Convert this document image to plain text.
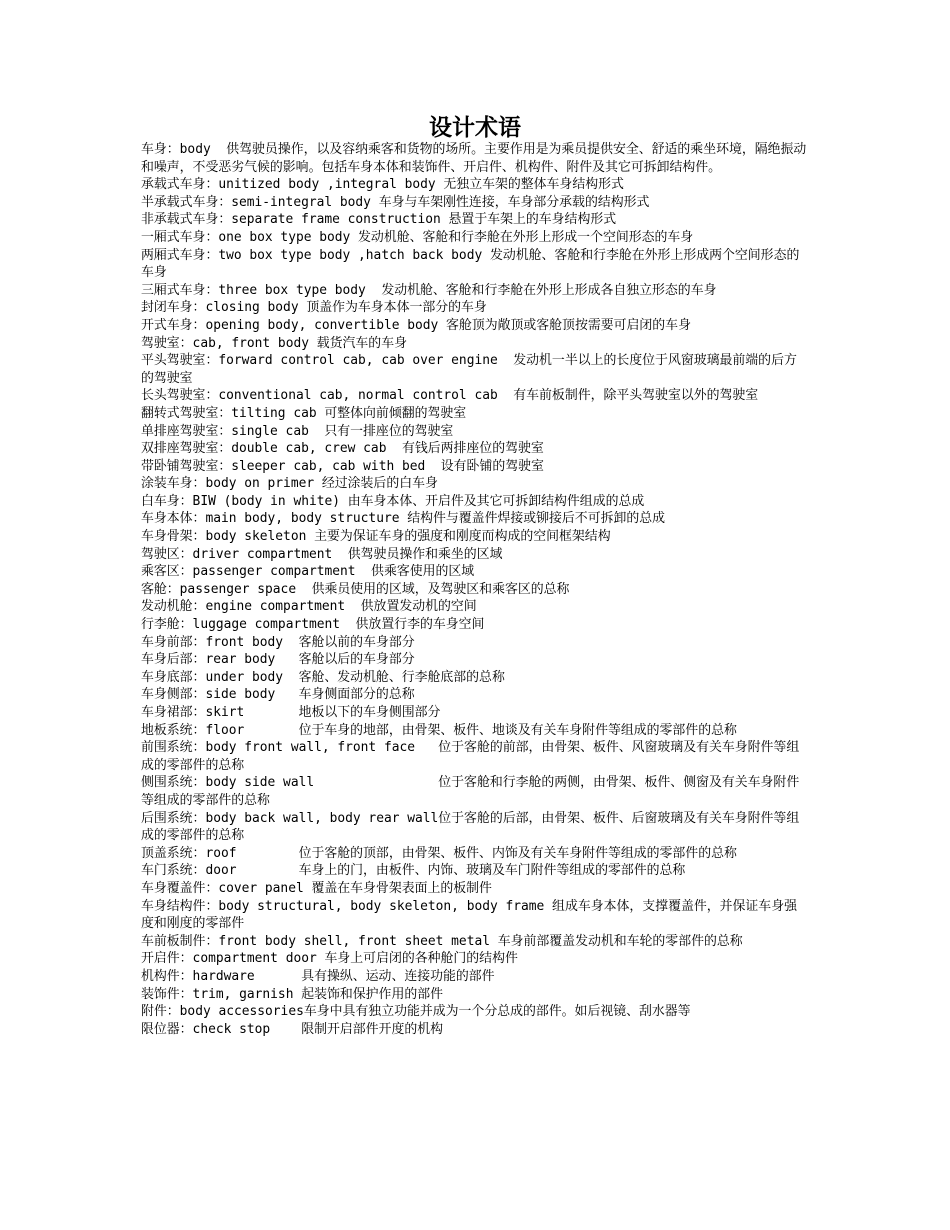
设计术语
车身：body  供驾驶员操作，以及容纳乘客和货物的场所。主要作用是为乘员提供安全、舒适的乘坐环境，隔绝振动和噪声，不受恶劣气候的影响。包括车身本体和装饰件、开启件、机构件、附件及其它可拆卸结构件。
承载式车身：unitized body ,integral body 无独立车架的整体车身结构形式
半承载式车身：semi-integral body 车身与车架刚性连接，车身部分承载的结构形式
非承载式车身：separate frame construction 悬置于车架上的车身结构形式
一厢式车身：one box type body 发动机舱、客舱和行李舱在外形上形成一个空间形态的车身
两厢式车身：two box type body ,hatch back body 发动机舱、客舱和行李舱在外形上形成两个空间形态的车身
三厢式车身：three box type body  发动机舱、客舱和行李舱在外形上形成各自独立形态的车身
封闭车身：closing body 顶盖作为车身本体一部分的车身
开式车身：opening body, convertible body 客舱顶为敞顶或客舱顶按需要可启闭的车身
驾驶室：cab, front body 载货汽车的车身
平头驾驶室：forward control cab, cab over engine  发动机一半以上的长度位于风窗玻璃最前端的后方的驾驶室
长头驾驶室：conventional cab, normal control cab  有车前板制件，除平头驾驶室以外的驾驶室
翻转式驾驶室：tilting cab 可整体向前倾翻的驾驶室
单排座驾驶室：single cab  只有一排座位的驾驶室
双排座驾驶室：double cab, crew cab  有钱后两排座位的驾驶室
带卧铺驾驶室：sleeper cab, cab with bed  设有卧铺的驾驶室
涂装车身：body on primer 经过涂装后的白车身
白车身：BIW (body in white) 由车身本体、开启件及其它可拆卸结构件组成的总成
车身本体：main body, body structure 结构件与覆盖件焊接或铆接后不可拆卸的总成
车身骨架：body skeleton 主要为保证车身的强度和刚度而构成的空间框架结构
驾驶区：driver compartment  供驾驶员操作和乘坐的区域
乘客区：passenger compartment  供乘客使用的区域
客舱：passenger space  供乘员使用的区域，及驾驶区和乘客区的总称
发动机舱：engine compartment  供放置发动机的空间
行李舱：luggage compartment  供放置行李的车身空间
车身前部：front body  客舱以前的车身部分
车身后部：rear body   客舱以后的车身部分
车身底部：under body  客舱、发动机舱、行李舱底部的总称
车身侧部：side body   车身侧面部分的总称
车身裙部：skirt       地板以下的车身侧围部分
地板系统：floor       位于车身的地部，由骨架、板件、地谈及有关车身附件等组成的零部件的总称
前围系统：body front wall, front face   位于客舱的前部，由骨架、板件、风窗玻璃及有关车身附件等组成的零部件的总称
侧围系统：body side wall                位于客舱和行李舱的两侧，由骨架、板件、侧窗及有关车身附件等组成的零部件的总称
后围系统：body back wall, body rear wall位于客舱的后部，由骨架、板件、后窗玻璃及有关车身附件等组成的零部件的总称
顶盖系统：roof        位于客舱的顶部，由骨架、板件、内饰及有关车身附件等组成的零部件的总称
车门系统：door        车身上的门，由板件、内饰、玻璃及车门附件等组成的零部件的总称
车身覆盖件：cover panel 覆盖在车身骨架表面上的板制件
车身结构件：body structural, body skeleton, body frame 组成车身本体，支撑覆盖件，并保证车身强度和刚度的零部件
车前板制件：front body shell, front sheet metal 车身前部覆盖发动机和车轮的零部件的总称
开启件：compartment door 车身上可启闭的各种舱门的结构件
机构件：hardware      具有操纵、运动、连接功能的部件
装饰件：trim, garnish 起装饰和保护作用的部件
附件：body accessories车身中具有独立功能并成为一个分总成的部件。如后视镜、刮水器等
限位器：check stop    限制开启部件开度的机构
